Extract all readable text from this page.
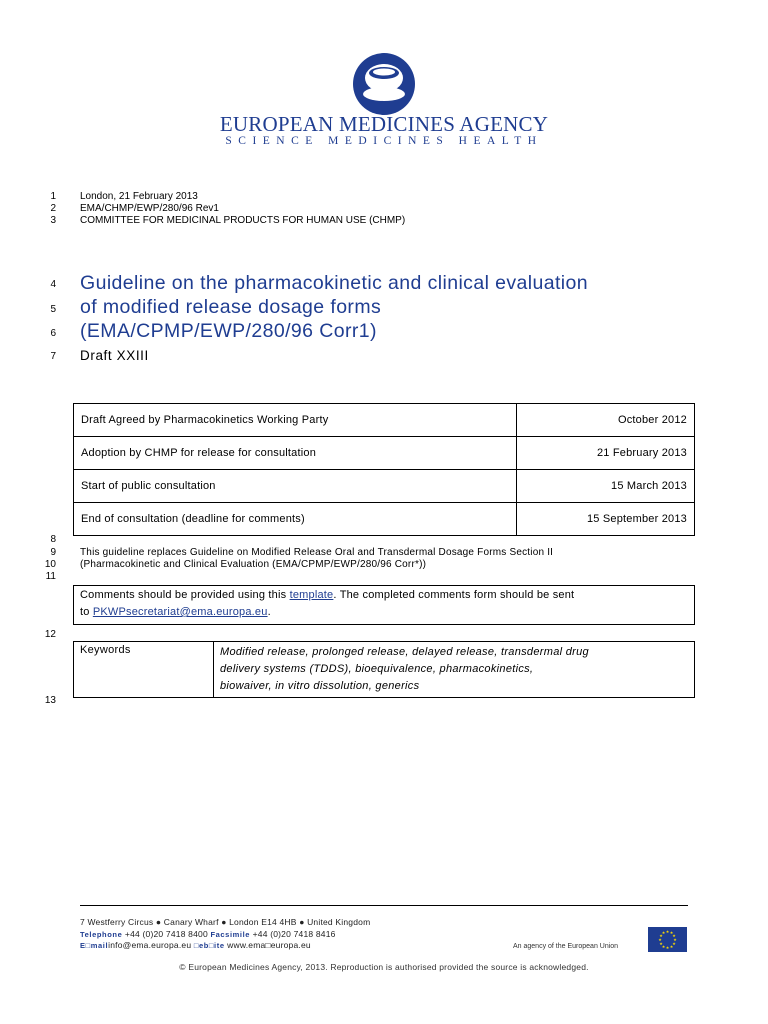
EUROPEAN MEDICINES AGENCY
SCIENCE MEDICINES HEALTH
1
2
3
4
5
6
7
8
9
10
11
12
13
London, 21 February 2013
EMA/CHMP/EWP/280/96 Rev1
COMMITTEE FOR MEDICINAL PRODUCTS FOR HUMAN USE (CHMP)
Guideline on the pharmacokinetic and clinical evaluation
of modified release dosage forms
(EMA/CPMP/EWP/280/96 Corr1)
Draft XXIII
Draft Agreed by Pharmacokinetics Working Party	October 2012
Adoption by CHMP for release for consultation	21 February 2013
Start of public consultation	15 March 2013
End of consultation (deadline for comments)	15 September 2013
This guideline replaces Guideline on Modified Release Oral and Transdermal Dosage Forms Section II
(Pharmacokinetic and Clinical Evaluation (EMA/CPMP/EWP/280/96 Corr*))
Comments should be provided using this template. The completed comments form should be sent
to PKWPsecretariat@ema.europa.eu.
Keywords	Modified release, prolonged release, delayed release, transdermal drug
delivery systems (TDDS), bioequivalence, pharmacokinetics,
biowaiver, in vitro dissolution, generics
7 Westferry Circus ● Canary Wharf ● London E14 4HB ● United Kingdom
Telephone +44 (0)20 7418 8400 Facsimile +44 (0)20 7418 8416
E□mailinfo@ema.europa.eu □eb□ite www.ema□europa.eu	An agency of the European Union
★ ★
★
★
★
★
★
★
★
★
★
★
© European Medicines Agency, 2013. Reproduction is authorised provided the source is acknowledged.
